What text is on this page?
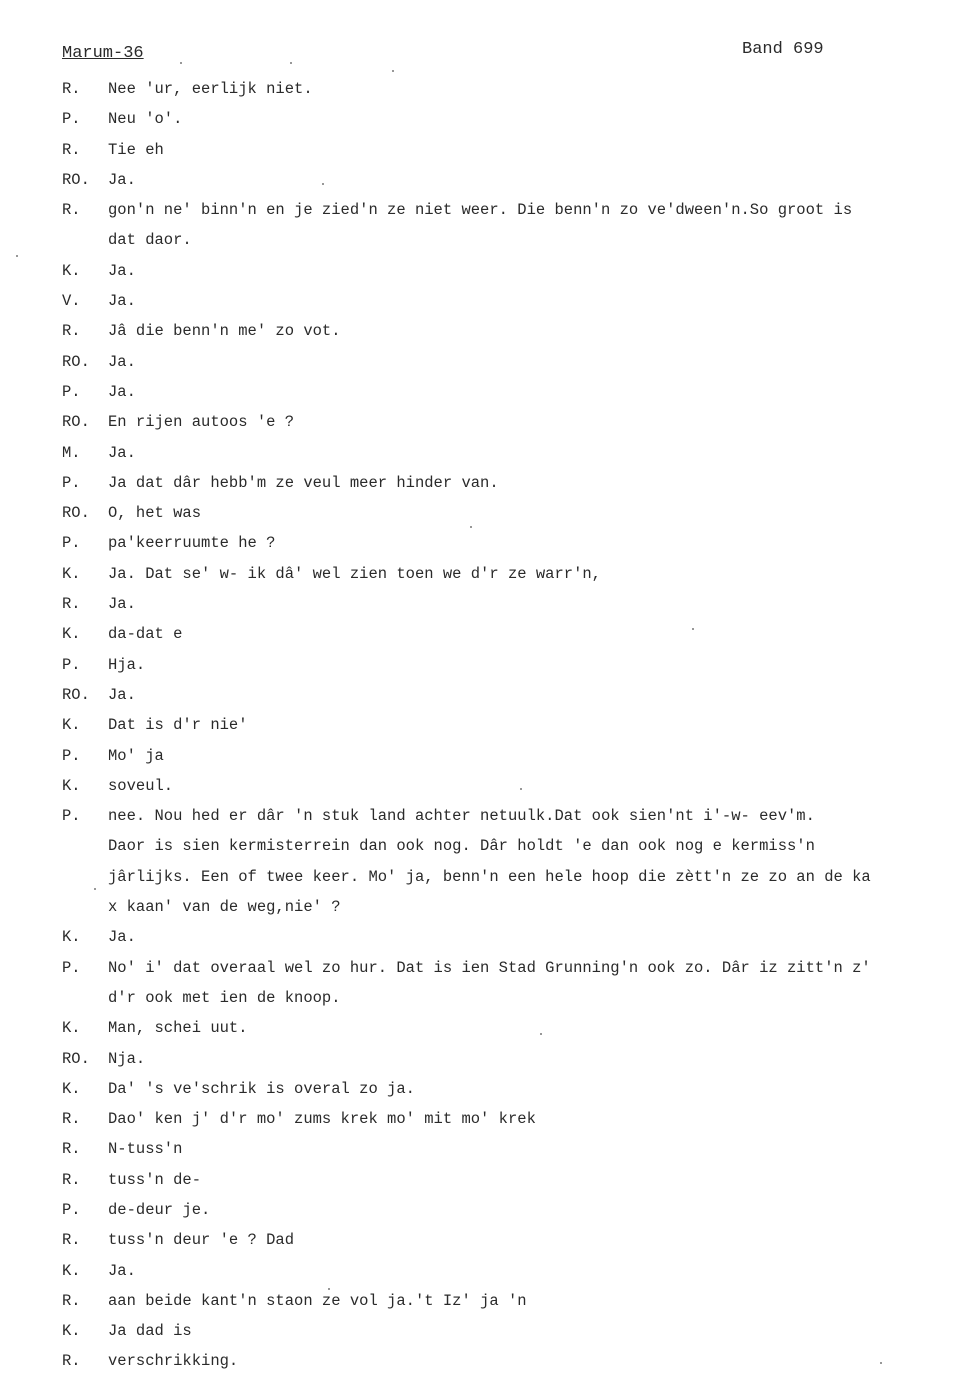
Marum-36	Band 699
R.	Nee 'ur, eerlijk niet.
P.	Neu 'o'.
R.	Tie eh
RO.	Ja.
R.	gon'n ne' binn'n en je zied'n ze niet weer. Die benn'n zo ve'dween'n.So groot is
dat daor.
K.	Ja.
V.	Ja.
R.	Jâ die benn'n me' zo vot.
RO.	Ja.
P.	Ja.
RO.	En rijen autoos 'e ?
M.	Ja.
P.	Ja dat dâr hebb'm ze veul meer hinder van.
RO.	O, het was
P.	pa'keerruumte he ?
K.	Ja. Dat se' w- ik dâ' wel zien toen we d'r ze warr'n,
R.	Ja.
K.	da-dat e
P.	Hja.
RO.	Ja.
K.	Dat is d'r nie'
P.	Mo' ja
K.	soveul.
P.	nee. Nou hed er dâr 'n stuk land achter netuulk.Dat ook sien'nt i'-w- eev'm.
Daor is sien kermisterrein dan ook nog. Dâr holdt 'e dan ook nog e kermiss'n
jârlijks. Een of twee keer. Mo' ja, benn'n een hele hoop die zètt'n ze zo an de ka
x kaan' van de weg,nie' ?
K.	Ja.
P.	No' i' dat overaal wel zo hur. Dat is ien Stad Grunning'n ook zo. Dâr iz zitt'n z'
d'r ook met ien de knoop.
K.	Man, schei uut.
RO.	Nja.
K.	Da' 's ve'schrik is overal zo ja.
R.	Dao' ken j' d'r mo' zums krek mo' mit mo' krek
R.	N-tuss'n
R.	tuss'n de-
P.	de-deur je.
R.	tuss'n deur 'e ? Dad
K.	Ja.
R.	aan beide kant'n staon ze vol ja.'t Iz' ja 'n
K.	Ja dad is
R.	verschrikking.
